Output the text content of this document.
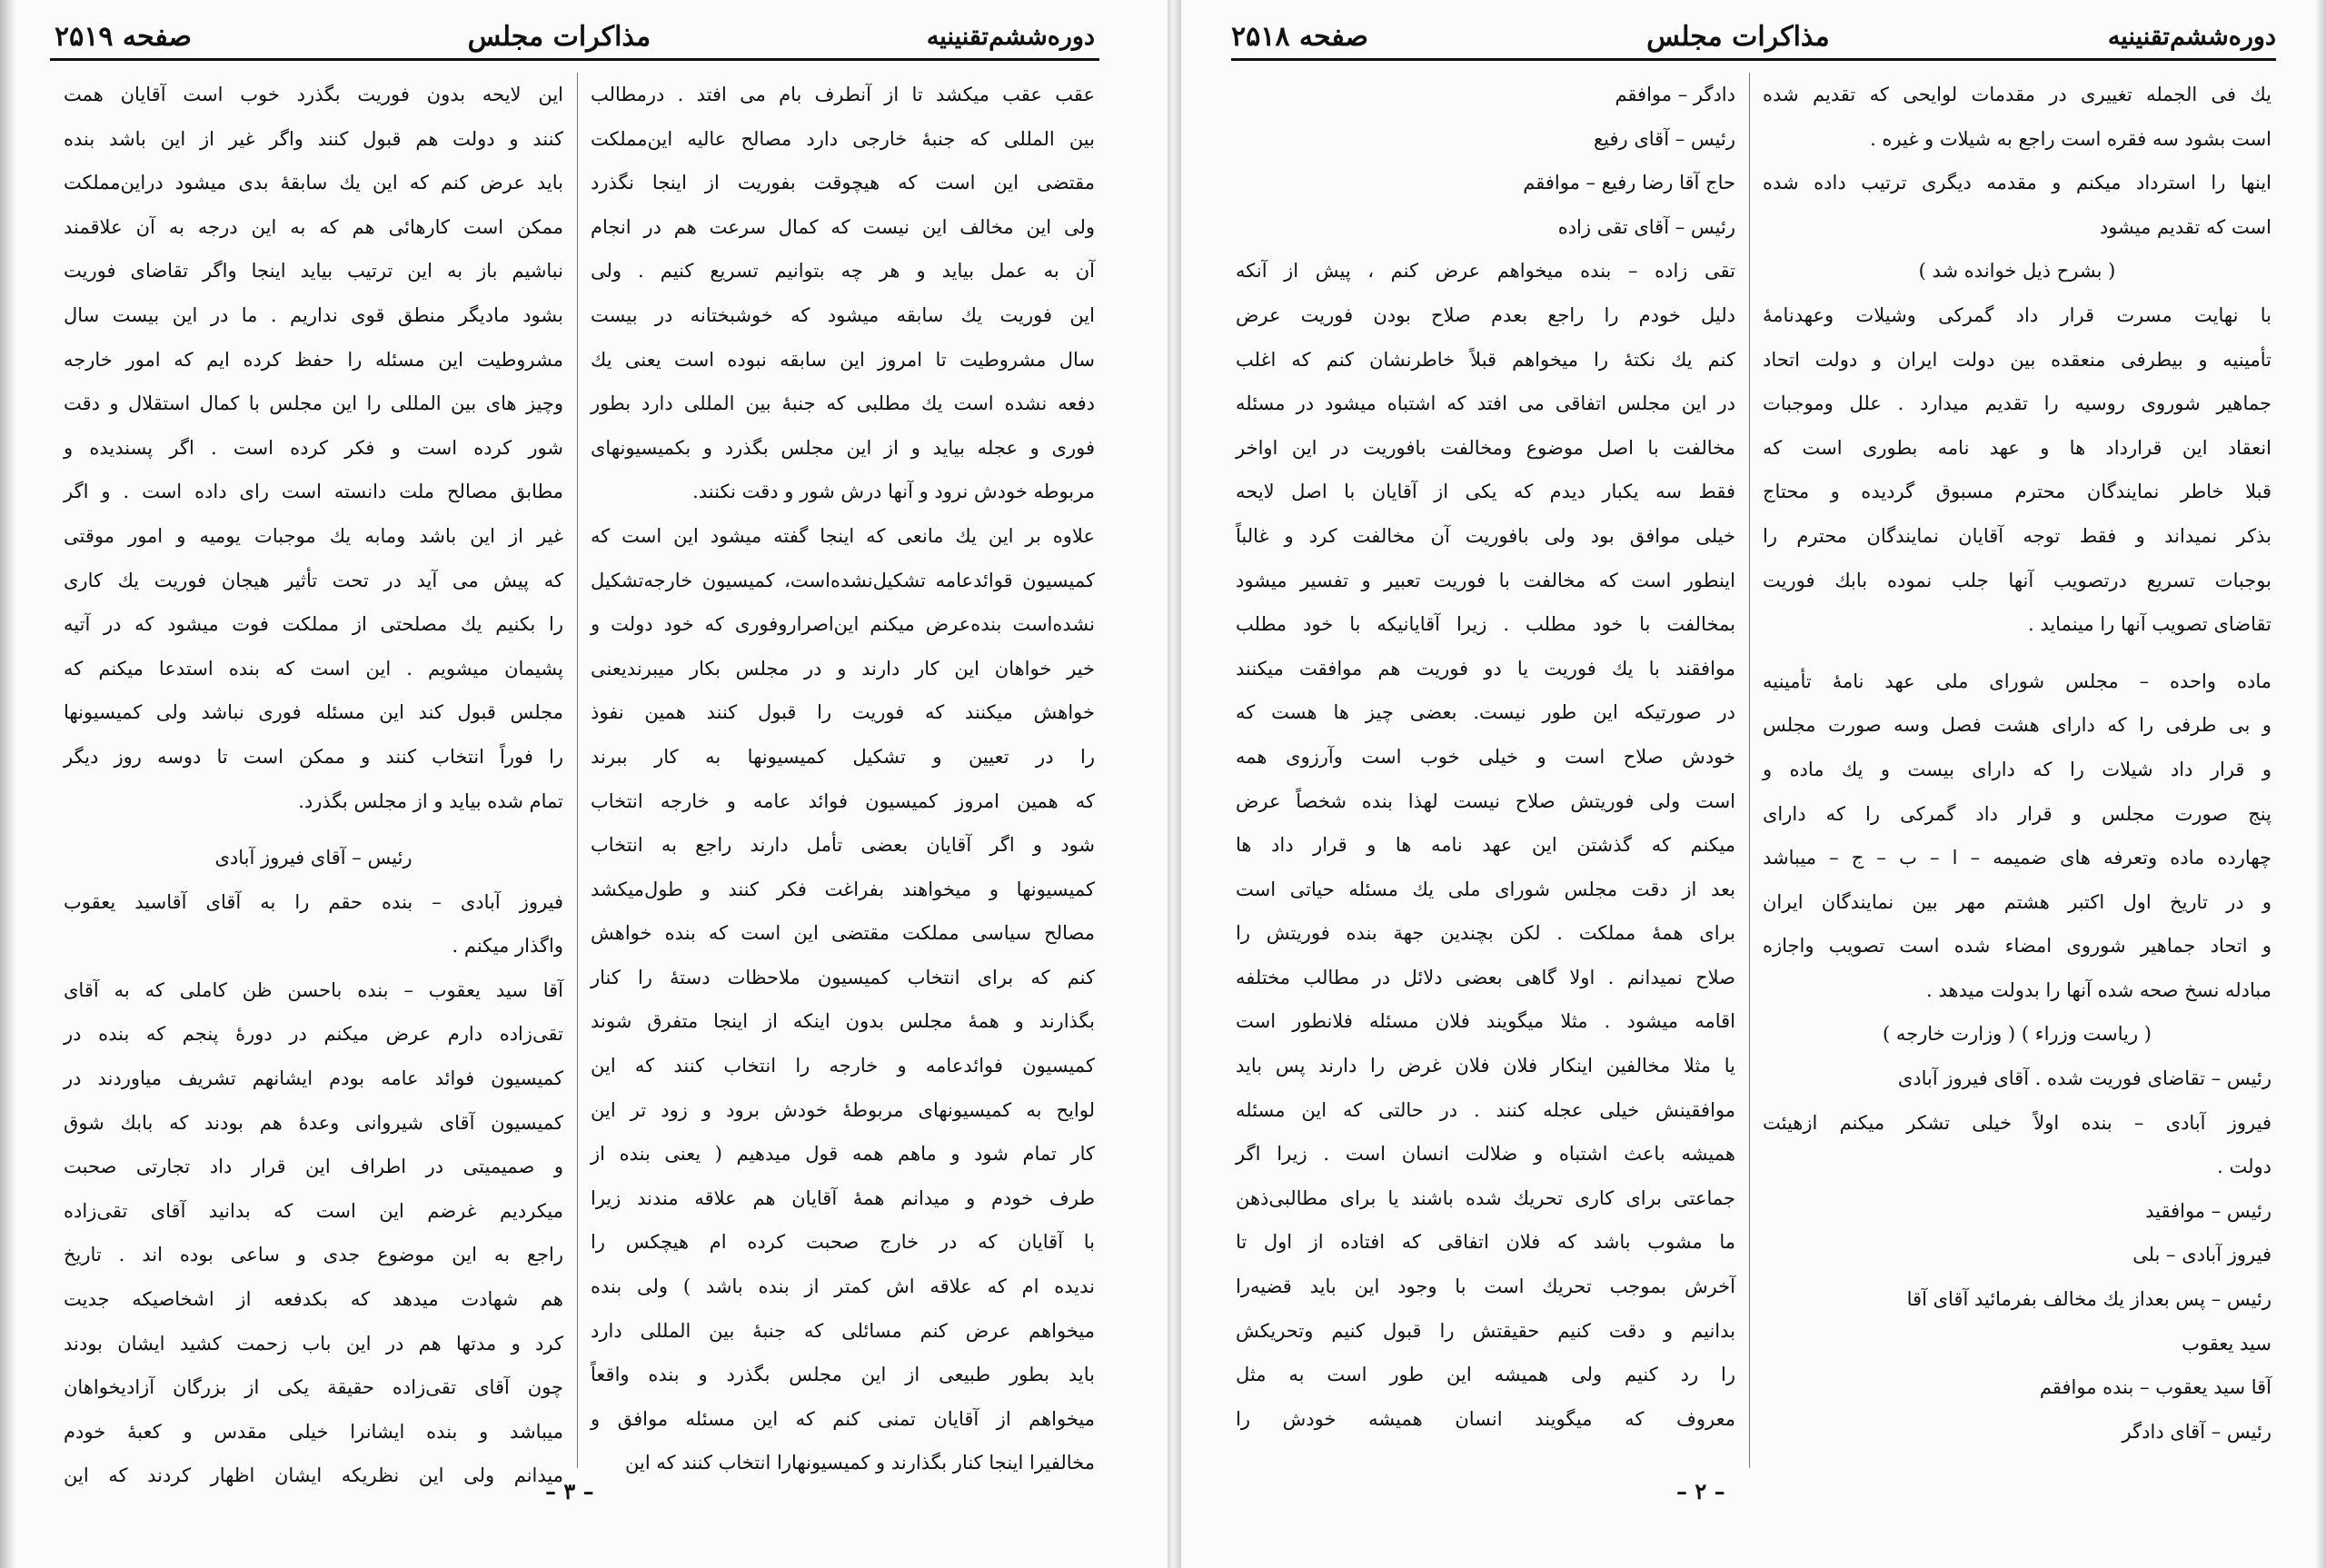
دوره‌ششم‌تقنينيه
مذاكرات مجلس
صفحه ۲۵۱۹
عقب عقب میکشد تا از آنطرف بام می افتد . درمطالب
بین المللی که جنبهٔ خارجی دارد مصالح عالیه این‌مملکت
مقتضی این است که هیچوقت بفوریت از اینجا نگذرد
ولی این مخالف این نیست که کمال سرعت هم در انجام
آن به عمل بیاید و هر چه بتوانیم تسریع کنیم . ولی
این فوریت یك سابقه میشود که خوشبختانه در بیست
سال مشروطیت تا امروز این سابقه نبوده است یعنی یك
دفعه نشده است یك مطلبی که جنبهٔ بین المللی دارد بطور
فوری و عجله بیاید و از این مجلس بگذرد و بکمیسیونهای
مربوطه خودش نرود و آنها درش شور و دقت نکنند.
علاوه بر این یك مانعی که اینجا گفته میشود این است که
کمیسیون قوائدعامه تشکیل‌نشده‌است، کمیسیون خارجه‌تشکیل
نشده‌است بنده‌عرض میکنم این‌اصراروفوری که خود دولت و
خیر خواهان این کار دارند و در مجلس بکار میبرندیعنی
خواهش میکنند که فوریت را قبول کنند همین نفوذ
را در تعیین و تشکیل کمیسیونها به کار ببرند
که همین امروز کمیسیون فوائد عامه و خارجه انتخاب
شود و اگر آقایان بعضی تأمل دارند راجع به انتخاب
کمیسیونها و میخواهند بفراغت فکر کنند و طول‌میکشد
مصالح سیاسی مملکت مقتضی این است که بنده خواهش
کنم که برای انتخاب کمیسیون ملاحظات دستهٔ را کنار
بگذارند و همهٔ مجلس بدون اینکه از اینجا متفرق شوند
کمیسیون فوائدعامه و خارجه را انتخاب کنند که این
لوایح به کمیسیونهای مربوطهٔ خودش برود و زود تر این
کار تمام شود و ماهم همه قول میدهیم ( یعنی بنده از
طرف خودم و میدانم همهٔ آقایان هم علاقه مندند زیرا
با آقایان که در خارج صحبت کرده ام هیچکس را
ندیده ام که علاقه اش کمتر از بنده باشد ) ولی بنده
میخواهم عرض کنم مسائلی که جنبهٔ بین المللی دارد
باید بطور طبیعی از این مجلس بگذرد و بنده واقعاً
میخواهم از آقایان تمنی کنم که این مسئله موافق و
مخالفیرا اینجا کنار بگذارند و کمیسیونهارا انتخاب کنند که این
این لایحه بدون فوریت بگذرد خوب است آقایان همت
کنند و دولت هم قبول کنند واگر غیر از این باشد بنده
باید عرض کنم که این یك سابقهٔ بدی میشود در‌این‌مملکت
ممکن است کارهائی هم که به این درجه به آن علاقمند
نباشیم باز به این ترتیب بیاید اینجا واگر تقاضای فوریت
بشود مادیگر منطق قوی نداریم . ما در این بیست سال
مشروطیت این مسئله را حفظ کرده ایم که امور خارجه
وچیز های بین المللی را این مجلس با کمال استقلال و دقت
شور کرده است و فکر کرده است . اگر پسندیده و
مطابق مصالح ملت دانسته است رای داده است . و اگر
غیر از این باشد ومابه یك موجبات یومیه و امور موقتی
که پیش می آید در تحت تأثیر هیجان فوریت یك کاری
را بکنیم یك مصلحتی از مملکت فوت میشود که در آتیه
پشیمان میشویم . این است که بنده استدعا میکنم که
مجلس قبول کند این مسئله فوری نباشد ولی کمیسیونها
را فوراً انتخاب کنند و ممکن است تا دوسه روز دیگر
تمام شده بیاید و از مجلس بگذرد.
رئیس – آقای فیروز آبادی
فیروز آبادی – بنده حقم را به آقای آقاسید یعقوب
واگذار میکنم .
آقا سید یعقوب – بنده باحسن ظن کاملی که به آقای
تقی‌زاده دارم عرض میکنم در دورهٔ پنجم که بنده در
کمیسیون فوائد عامه بودم ایشانهم تشریف میاوردند در
کمیسیون آقای شیروانی وعدهٔ هم بودند که بابك شوق
و صمیمیتی در اطراف این قرار داد تجارتی صحبت
میکردیم غرضم این است که بدانید آقای تقی‌زاده
راجع به این موضوع جدی و ساعی بوده اند . تاریخ
هم شهادت میدهد که بکدفعه از اشخاصیکه جدیت
کرد و مدتها هم در این باب زحمت کشید ایشان بودند
چون آقای تقی‌زاده حقیقة یکی از بزرگان آزادیخواهان
میباشد و بنده ایشانرا خیلی مقدس و کعبهٔ خودم
میدانم ولی این نظریکه ایشان اظهار کردند که این
– ۳ –
دوره‌ششم‌تقنينيه
مذاكرات مجلس
صفحه ۲۵۱۸
یك فی الجمله تغییری در مقدمات لوایحی که تقدیم شده
است بشود سه فقره است راجع به شیلات و غیره .
اینها را استرداد میکنم و مقدمه دیگری ترتیب داده شده
است که تقدیم میشود
( بشرح ذیل خوانده شد )
با نهایت مسرت قرار داد گمرکی وشیلات وعهدنامهٔ
تأمینیه و بیطرفی منعقده بین دولت ایران و دولت اتحاد
جماهیر شوروی روسیه را تقدیم میدارد . علل وموجبات
انعقاد این قرارداد ها و عهد نامه بطوری است که
قبلا خاطر نمایندگان محترم مسبوق گردیده و محتاج
بذکر نمیداند و فقط توجه آقایان نمایندگان محترم را
بوجبات تسریع درتصویب آنها جلب نموده بابك فوریت
تقاضای تصویب آنها را مینماید .
ماده واحده – مجلس شورای ملی عهد نامهٔ تأمینیه
و بی طرفی را که دارای هشت فصل وسه صورت مجلس
و قرار داد شیلات را که دارای بیست و یك ماده و
پنج صورت مجلس و قرار داد گمرکی را که دارای
چهارده ماده وتعرفه های ضمیمه – ا – ب – ج – میباشد
و در تاریخ اول اکتبر هشتم مهر بین نمایندگان ایران
و اتحاد جماهیر شوروی امضاء شده است تصویب واجازه
مبادله نسخ صحه شده آنها را بدولت میدهد .
( ریاست وزراء ) ( وزارت خارجه )
رئیس – تقاضای فوریت شده . آقای فیروز آبادی
فیروز آبادی – بنده اولاً خیلی تشکر میکنم ازهیئت
دولت .
رئیس – موافقید
فیروز آبادی – بلی
رئیس – پس بعداز یك مخالف بفرمائید آقای آقا
سید یعقوب
آقا سید یعقوب – بنده موافقم
رئیس – آقای دادگر
دادگر – موافقم
رئیس – آقای رفیع
حاج آقا رضا رفیع – موافقم
رئیس – آقای تقی زاده
تقی زاده – بنده میخواهم عرض کنم ، پیش از آنکه
دلیل خودم را راجع بعدم صلاح بودن فوریت عرض
کنم یك نکتهٔ را میخواهم قبلاً خاطرنشان کنم که اغلب
در این مجلس اتفاقی می افتد که اشتباه میشود در مسئله
مخالفت با اصل موضوع ومخالفت بافوریت در این اواخر
فقط سه یکبار دیدم که یکی از آقایان با اصل لایحه
خیلی موافق بود ولی بافوریت آن مخالفت کرد و غالباً
اینطور است که مخالفت با فوریت تعبیر و تفسیر میشود
بمخالفت با خود مطلب . زیرا آقایانیکه با خود مطلب
موافقند با یك فوریت یا دو فوریت هم موافقت میکنند
در صورتیکه این طور نیست. بعضی چیز ها هست که
خودش صلاح است و خیلی خوب است وآرزوی همه
است ولی فوریتش صلاح نیست لهذا بنده شخصاً عرض
میکنم که گذشتن این عهد نامه ها و قرار داد ها
بعد از دقت مجلس شورای ملی یك مسئله حیاتی است
برای همهٔ مملکت . لکن بچندین جهة بنده فوریتش را
صلاح نمیدانم . اولا گاهی بعضی دلائل در مطالب مختلفه
اقامه میشود . مثلا میگویند فلان مسئله فلانطور است
یا مثلا مخالفین اینکار فلان فلان غرض را دارند پس باید
موافقینش خیلی عجله کنند . در حالتی که این مسئله
همیشه باعث اشتباه و ضلالت انسان است . زیرا اگر
جماعتی برای کاری تحریك شده باشند یا برای مطالبی‌ذهن
ما مشوب باشد که فلان اتفاقی که افتاده از اول تا
آخرش بموجب تحریك است با وجود این باید قضیه‌را
بدانیم و دقت کنیم حقیقتش را قبول کنیم وتحریکش
را رد کنیم ولی همیشه این طور است به مثل
معروف که میگویند انسان همیشه خودش را
– ۲ –
